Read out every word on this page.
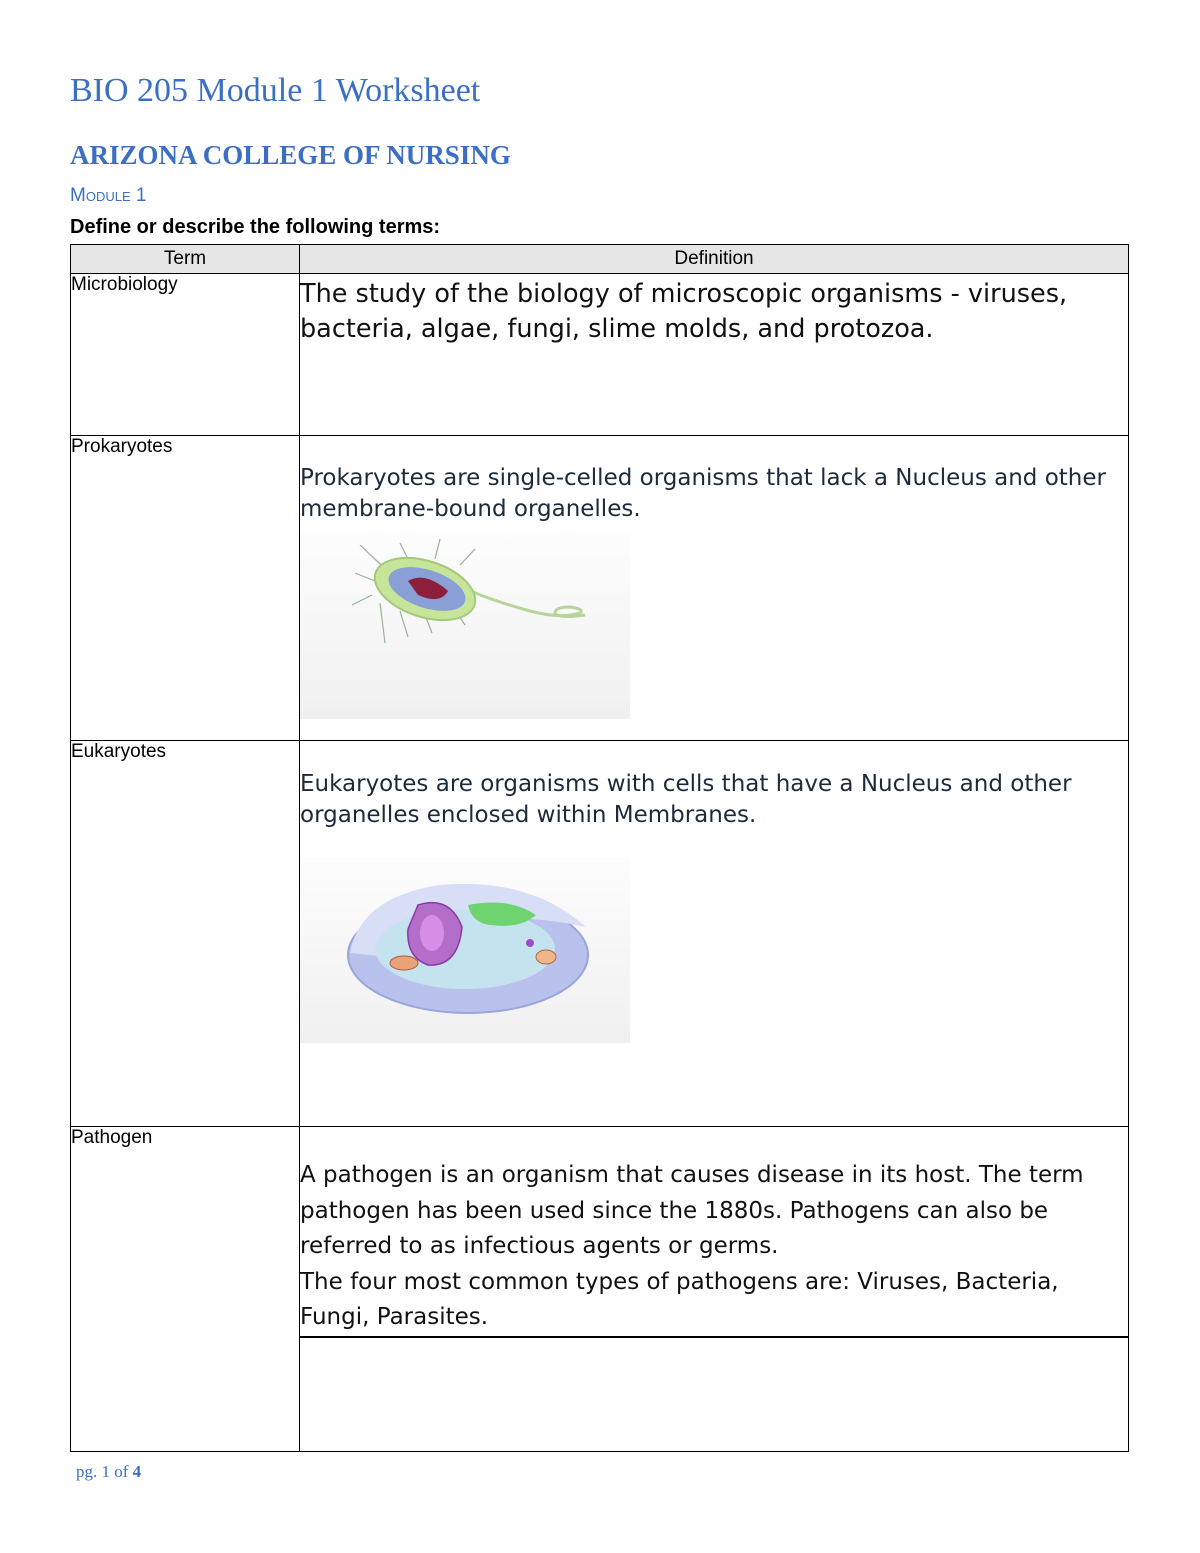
BIO 205 Module 1 Worksheet
ARIZONA COLLEGE OF NURSING
Module 1
Define or describe the following terms:
Term	Definition
Microbiology	The study of the biology of microscopic organisms - viruses, bacteria, algae, fungi, slime molds, and protozoa.

Prokaryotes	Prokaryotes are single-celled organisms that lack a Nucleus and other membrane-bound organelles.

Eukaryotes	Eukaryotes are organisms with cells that have a Nucleus and other organelles enclosed within Membranes.

Pathogen	A pathogen is an organism that causes disease in its host. The term pathogen has been used since the 1880s. Pathogens can also be referred to as infectious agents or germs.
The four most common types of pathogens are: Viruses, Bacteria, Fungi, Parasites.
pg. 1 of 4
